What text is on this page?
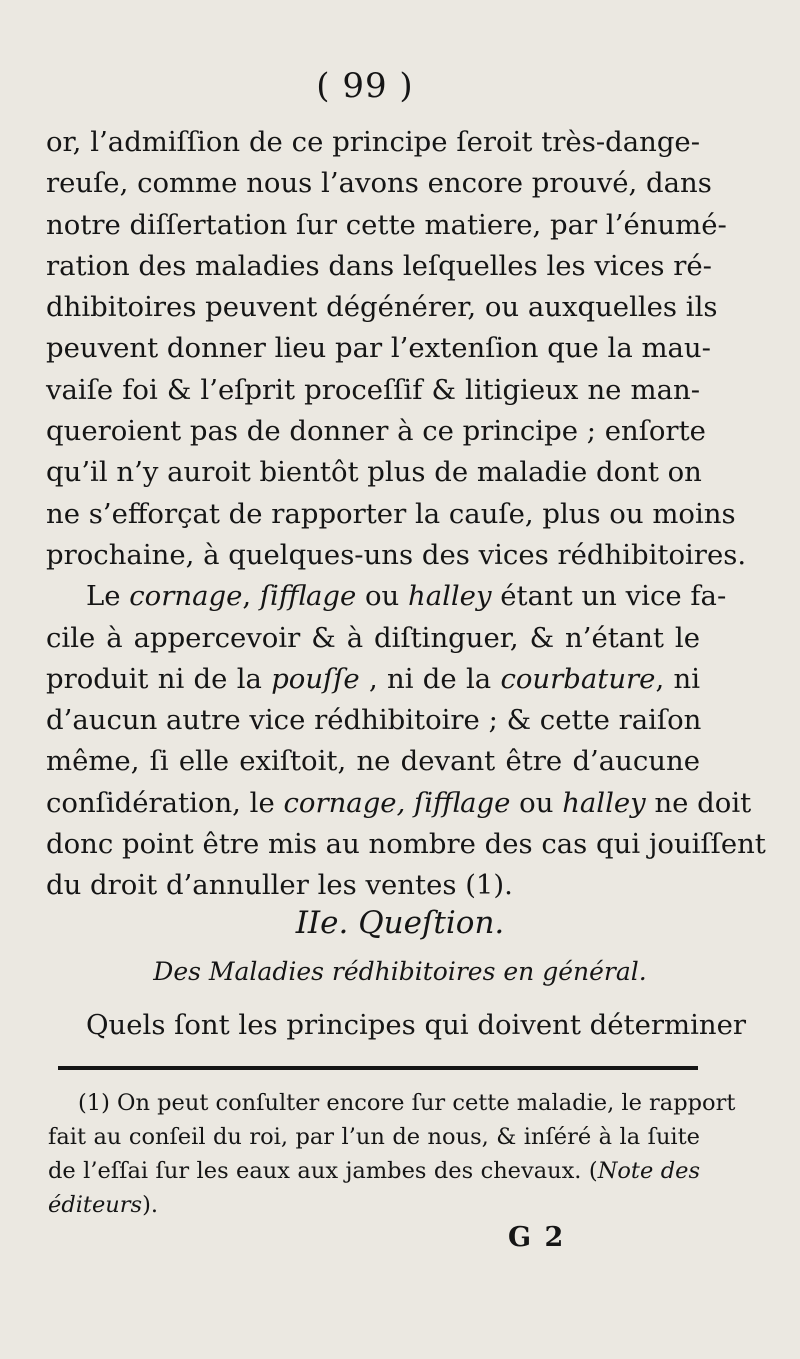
( 99 )
or, l’admiſſion de ce principe ſeroit très-dange-
reuſe, comme nous l’avons encore prouvé, dans
notre diſſertation ſur cette matiere, par l’énumé-
ration des maladies dans leſquelles les vices ré-
dhibitoires peuvent dégénérer, ou auxquelles ils
peuvent donner lieu par l’extenſion que la mau-
vaiſe foi & l’eſprit proceſſif & litigieux ne man-
queroient pas de donner à ce principe ; enſorte
qu’il n’y auroit bientôt plus de maladie dont on
ne s’efforçat de rapporter la cauſe, plus ou moins
prochaine, à quelques-uns des vices rédhibitoires.
Le cornage, ſifflage ou halley étant un vice fa-
cile à appercevoir & à diſtinguer, & n’étant le
produit ni de la pouſſe , ni de la courbature, ni
d’aucun autre vice rédhibitoire ; & cette raiſon
même, ſi elle exiſtoit, ne devant être d’aucune
conſidération, le cornage, ſifflage ou halley ne doit
donc point être mis au nombre des cas qui jouiſſent
du droit d’annuller les ventes (1).
IIe. Queſtion.
Des Maladies rédhibitoires en général.
Quels ſont les principes qui doivent déterminer
(1) On peut conſulter encore ſur cette maladie, le rapport
fait au conſeil du roi, par l’un de nous, & inſéré à la ſuite
de l’eſſai ſur les eaux aux jambes des chevaux. (Note des
éditeurs).
G 2
